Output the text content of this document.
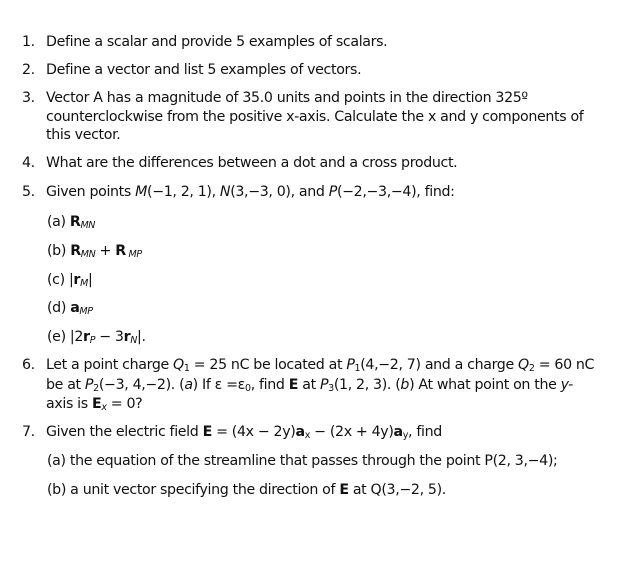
1. Define a scalar and provide 5 examples of scalars.
2. Define a vector and list 5 examples of vectors.
3. Vector A has a magnitude of 35.0 units and points in the direction 325º
counterclockwise from the positive x-axis. Calculate the x and y components of
this vector.
4. What are the differences between a dot and a cross product.
5. Given points M(−1, 2, 1), N(3,−3, 0), and P(−2,−3,−4), find:
(a) RMN
(b) RMN + R MP
(c) |rM|
(d) aMP
(e) |2rP − 3rN|.
6. Let a point charge Q1 = 25 nC be located at P1(4,−2, 7) and a charge Q2 = 60 nC
be at P2(−3, 4,−2). (a) If ε =ε0, find E at P3(1, 2, 3). (b) At what point on the y-
axis is Ex = 0?
7. Given the electric field E = (4x − 2y)ax − (2x + 4y)ay, find
(a) the equation of the streamline that passes through the point P(2, 3,−4);
(b) a unit vector specifying the direction of E at Q(3,−2, 5).
